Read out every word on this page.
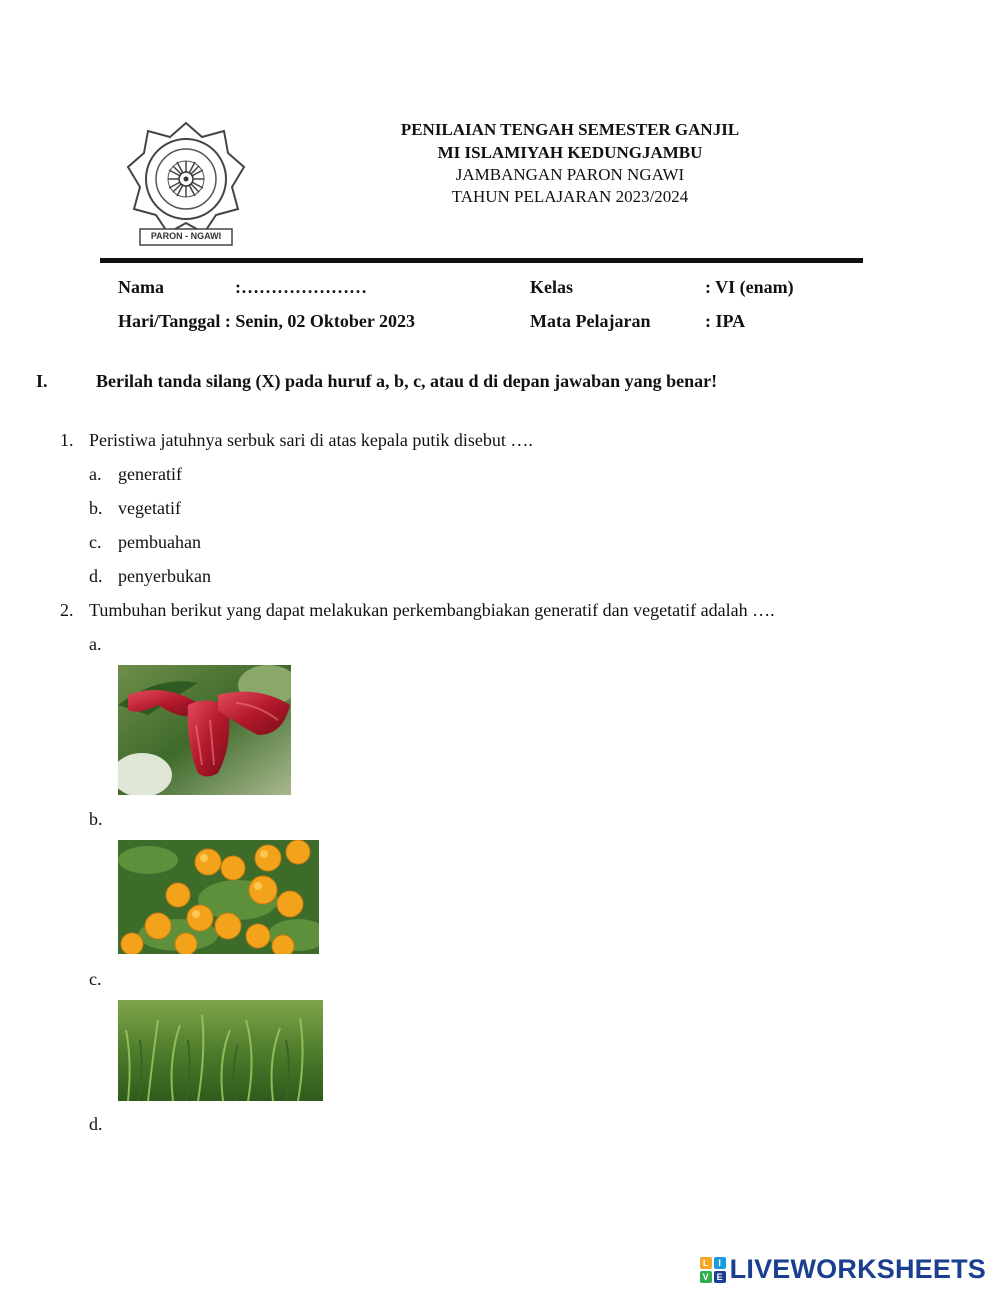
PARON - NGAWI
PENILAIAN TENGAH SEMESTER GANJIL
MI ISLAMIYAH KEDUNGJAMBU
JAMBANGAN PARON NGAWI
TAHUN PELAJARAN 2023/2024
Nama	:…………………	Kelas	: VI (enam)
Hari/Tanggal : Senin, 02 Oktober 2023	Mata Pelajaran	: IPA
I.	Berilah tanda silang (X) pada huruf a, b, c, atau d di depan jawaban yang benar!
1. Peristiwa jatuhnya serbuk sari di atas kepala putik disebut ….
a. generatif
b. vegetatif
c. pembuahan
d. penyerbukan
2. Tumbuhan berikut yang dapat melakukan perkembangbiakan generatif dan vegetatif adalah ….
a.
b.
c.
d.
L	I
V E LIVEWORKSHEETS
